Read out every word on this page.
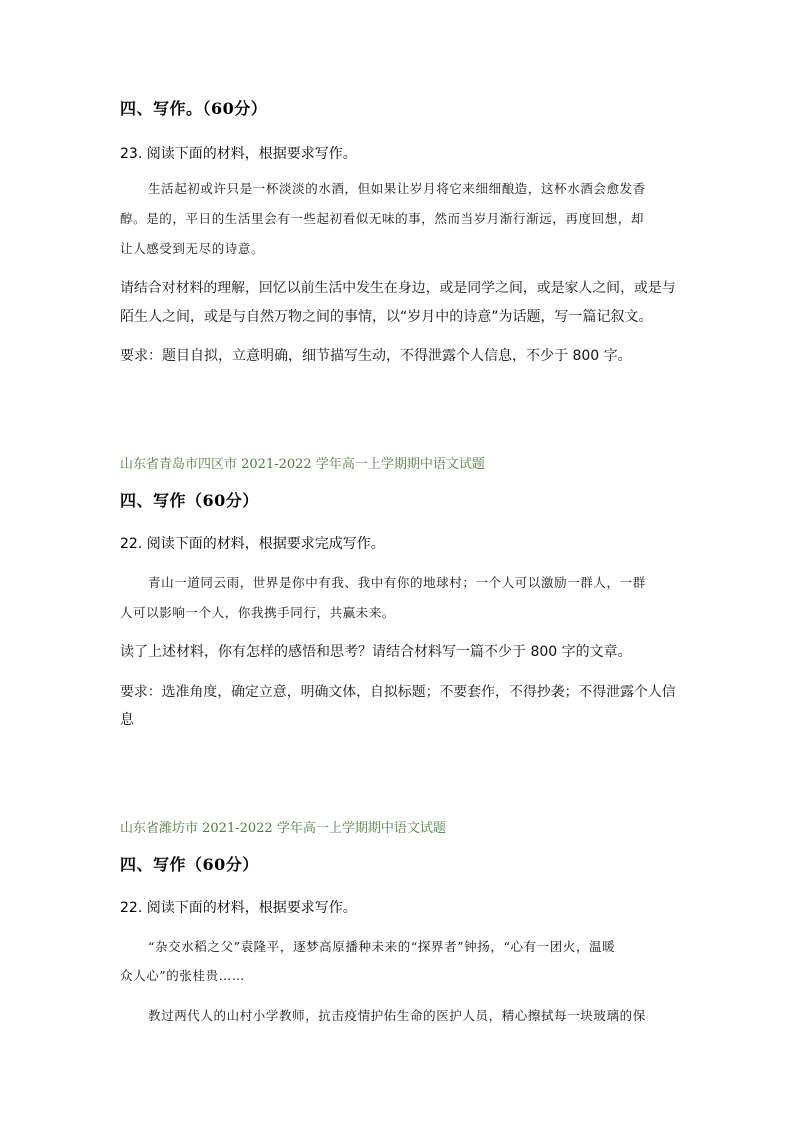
四、写作。（60分）
23. 阅读下面的材料，根据要求写作。
生活起初或许只是一杯淡淡的水酒，但如果让岁月将它来细细酿造，这杯水酒会愈发香
醇。是的，平日的生活里会有一些起初看似无味的事，然而当岁月渐行渐远，再度回想，却
让人感受到无尽的诗意。
请结合对材料的理解，回忆以前生活中发生在身边，或是同学之间，或是家人之间，或是与
陌生人之间，或是与自然万物之间的事情，以“岁月中的诗意”为话题，写一篇记叙文。
要求：题目自拟，立意明确，细节描写生动，不得泄露个人信息，不少于 800 字。
山东省青岛市四区市 2021-2022 学年高一上学期期中语文试题
四、写作（60分）
22. 阅读下面的材料，根据要求完成写作。
青山一道同云雨，世界是你中有我、我中有你的地球村；一个人可以激励一群人，一群
人可以影响一个人，你我携手同行，共赢未来。
读了上述材料，你有怎样的感悟和思考？请结合材料写一篇不少于 800 字的文章。
要求：选准角度，确定立意，明确文体，自拟标题；不要套作，不得抄袭；不得泄露个人信
息
山东省潍坊市 2021-2022 学年高一上学期期中语文试题
四、写作（60分）
22. 阅读下面的材料，根据要求写作。
“杂交水稻之父”袁隆平，逐梦高原播种未来的“探界者”钟扬，“心有一团火，温暖
众人心”的张桂贵……
教过两代人的山村小学教师，抗击疫情护佑生命的医护人员，精心擦拭每一块玻璃的保
